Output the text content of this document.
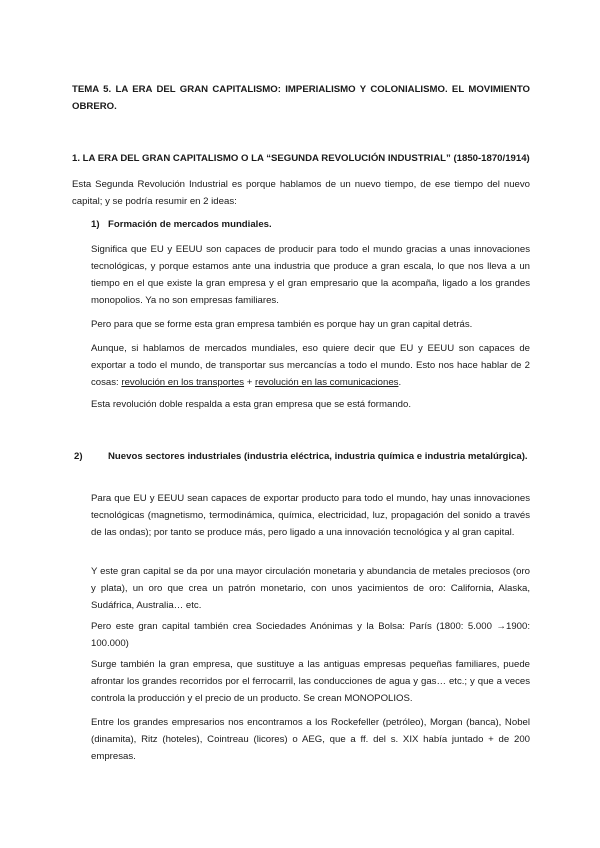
TEMA 5. LA ERA DEL GRAN CAPITALISMO: IMPERIALISMO Y COLONIALISMO. EL MOVIMIENTO OBRERO.

1. LA ERA DEL GRAN CAPITALISMO O LA “SEGUNDA REVOLUCIÓN INDUSTRIAL” (1850-1870/1914)

Esta Segunda Revolución Industrial es porque hablamos de un nuevo tiempo, de ese tiempo del nuevo capital; y se podría resumir en 2 ideas:

1) Formación de mercados mundiales.

Significa que EU y EEUU son capaces de producir para todo el mundo gracias a unas innovaciones tecnológicas, y porque estamos ante una industria que produce a gran escala, lo que nos lleva a un tiempo en el que existe la gran empresa y el gran empresario que la acompaña, ligado a los grandes monopolios. Ya no son empresas familiares.

Pero para que se forme esta gran empresa también es porque hay un gran capital detrás.

Aunque, si hablamos de mercados mundiales, eso quiere decir que EU y EEUU son capaces de exportar a todo el mundo, de transportar sus mercancías a todo el mundo. Esto nos hace hablar de 2 cosas: revolución en los transportes + revolución en las comunicaciones.

Esta revolución doble respalda a esta gran empresa que se está formando.

2)	Nuevos sectores industriales (industria eléctrica, industria química e industria metalúrgica).

Para que EU y EEUU sean capaces de exportar producto para todo el mundo, hay unas innovaciones tecnológicas (magnetismo, termodinámica, química, electricidad, luz, propagación del sonido a través de las ondas); por tanto se produce más, pero ligado a una innovación tecnológica y al gran capital.

Y este gran capital se da por una mayor circulación monetaria y abundancia de metales preciosos (oro y plata), un oro que crea un patrón monetario, con unos yacimientos de oro: California, Alaska, Sudáfrica, Australia… etc.

Pero este gran capital también crea Sociedades Anónimas y la Bolsa: París (1800: 5.000 →1900: 100.000)

Surge también la gran empresa, que sustituye a las antiguas empresas pequeñas familiares, puede afrontar los grandes recorridos por el ferrocarril, las conducciones de agua y gas… etc.; y que a veces controla la producción y el precio de un producto. Se crean MONOPOLIOS.

Entre los grandes empresarios nos encontramos a los Rockefeller (petróleo), Morgan (banca), Nobel (dinamita), Ritz (hoteles), Cointreau (licores) o AEG, que a ff. del s. XIX había juntado + de 200 empresas.
